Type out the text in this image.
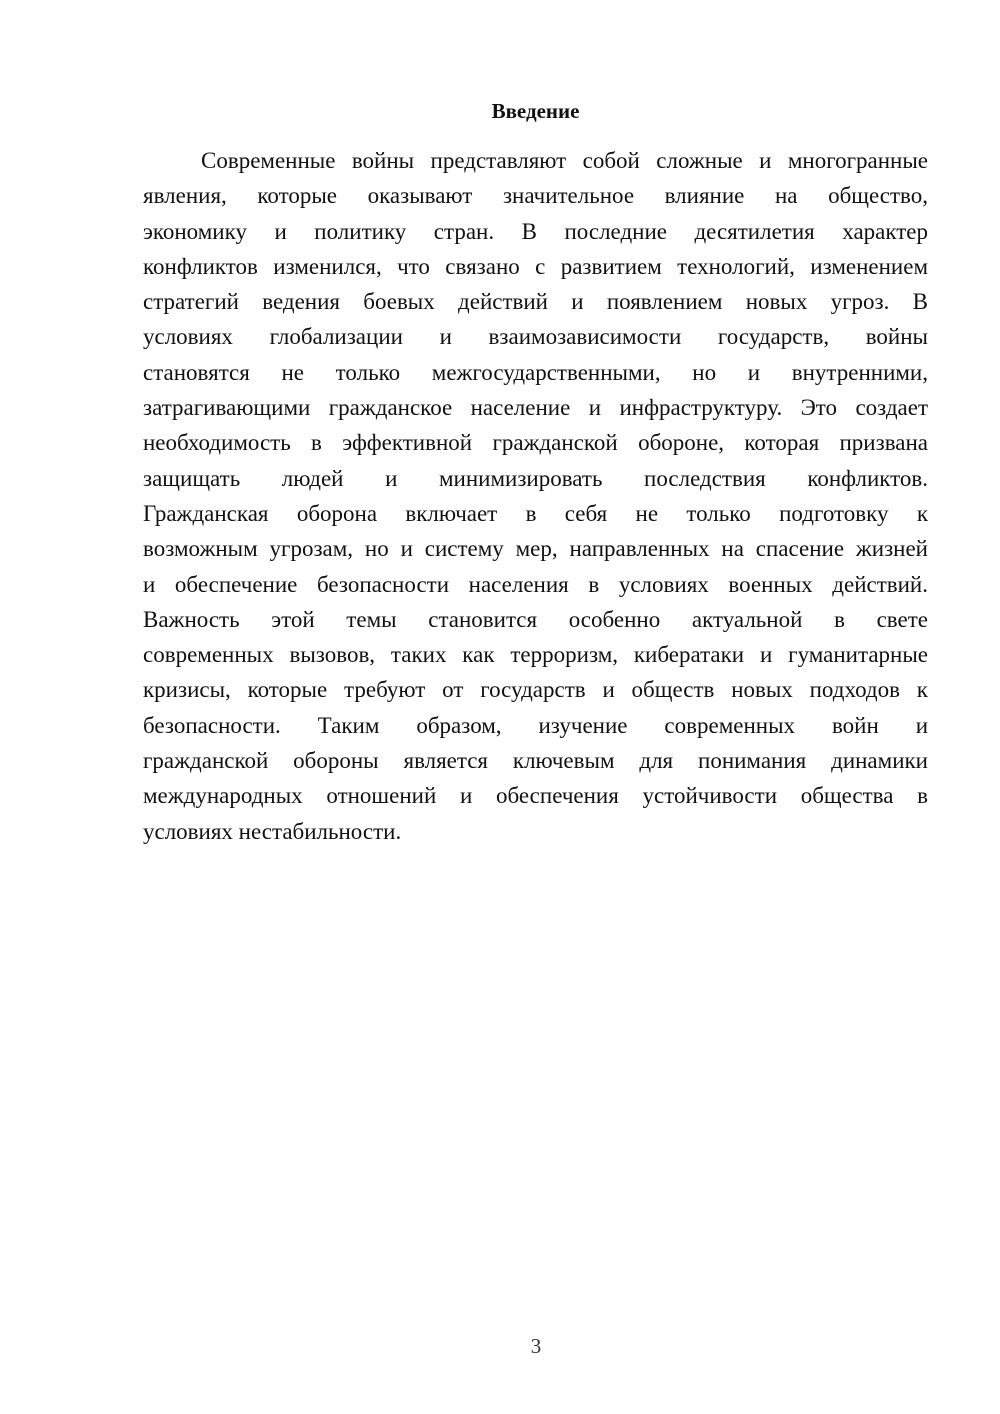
Введение
Современные войны представляют собой сложные и многогранные
явления, которые оказывают значительное влияние на общество,
экономику и политику стран. В последние десятилетия характер
конфликтов изменился, что связано с развитием технологий, изменением
стратегий ведения боевых действий и появлением новых угроз. В
условиях глобализации и взаимозависимости государств, войны
становятся не только межгосударственными, но и внутренними,
затрагивающими гражданское население и инфраструктуру. Это создает
необходимость в эффективной гражданской обороне, которая призвана
защищать людей и минимизировать последствия конфликтов.
Гражданская оборона включает в себя не только подготовку к
возможным угрозам, но и систему мер, направленных на спасение жизней
и обеспечение безопасности населения в условиях военных действий.
Важность этой темы становится особенно актуальной в свете
современных вызовов, таких как терроризм, кибератаки и гуманитарные
кризисы, которые требуют от государств и обществ новых подходов к
безопасности. Таким образом, изучение современных войн и
гражданской обороны является ключевым для понимания динамики
международных отношений и обеспечения устойчивости общества в
условиях нестабильности.
3
